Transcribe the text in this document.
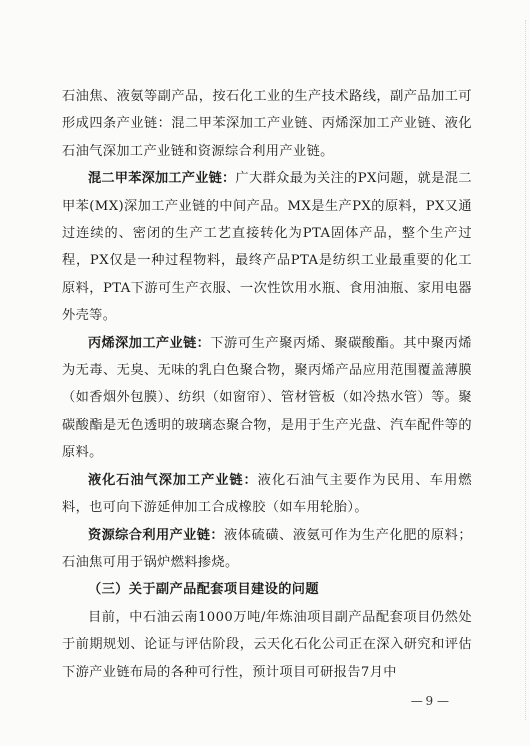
石油焦、液氨等副产品，按石化工业的生产技术路线，副产品加工可形成四条产业链：混二甲苯深加工产业链、丙烯深加工产业链、液化石油气深加工产业链和资源综合利用产业链。

混二甲苯深加工产业链：广大群众最为关注的PX问题，就是混二甲苯(MX)深加工产业链的中间产品。MX是生产PX的原料，PX又通过连续的、密闭的生产工艺直接转化为PTA固体产品，整个生产过程，PX仅是一种过程物料，最终产品PTA是纺织工业最重要的化工原料，PTA下游可生产衣服、一次性饮用水瓶、食用油瓶、家用电器外壳等。

丙烯深加工产业链：下游可生产聚丙烯、聚碳酸酯。其中聚丙烯为无毒、无臭、无味的乳白色聚合物，聚丙烯产品应用范围覆盖薄膜（如香烟外包膜）、纺织（如窗帘）、管材管板（如冷热水管）等。聚碳酸酯是无色透明的玻璃态聚合物，是用于生产光盘、汽车配件等的原料。

液化石油气深加工产业链：液化石油气主要作为民用、车用燃料，也可向下游延伸加工合成橡胶（如车用轮胎）。

资源综合利用产业链：液体硫磺、液氨可作为生产化肥的原料；石油焦可用于锅炉燃料掺烧。

（三）关于副产品配套项目建设的问题

目前，中石油云南1000万吨/年炼油项目副产品配套项目仍然处于前期规划、论证与评估阶段，云天化石化公司正在深入研究和评估下游产业链布局的各种可行性，预计项目可研报告7月中

— 9 —
